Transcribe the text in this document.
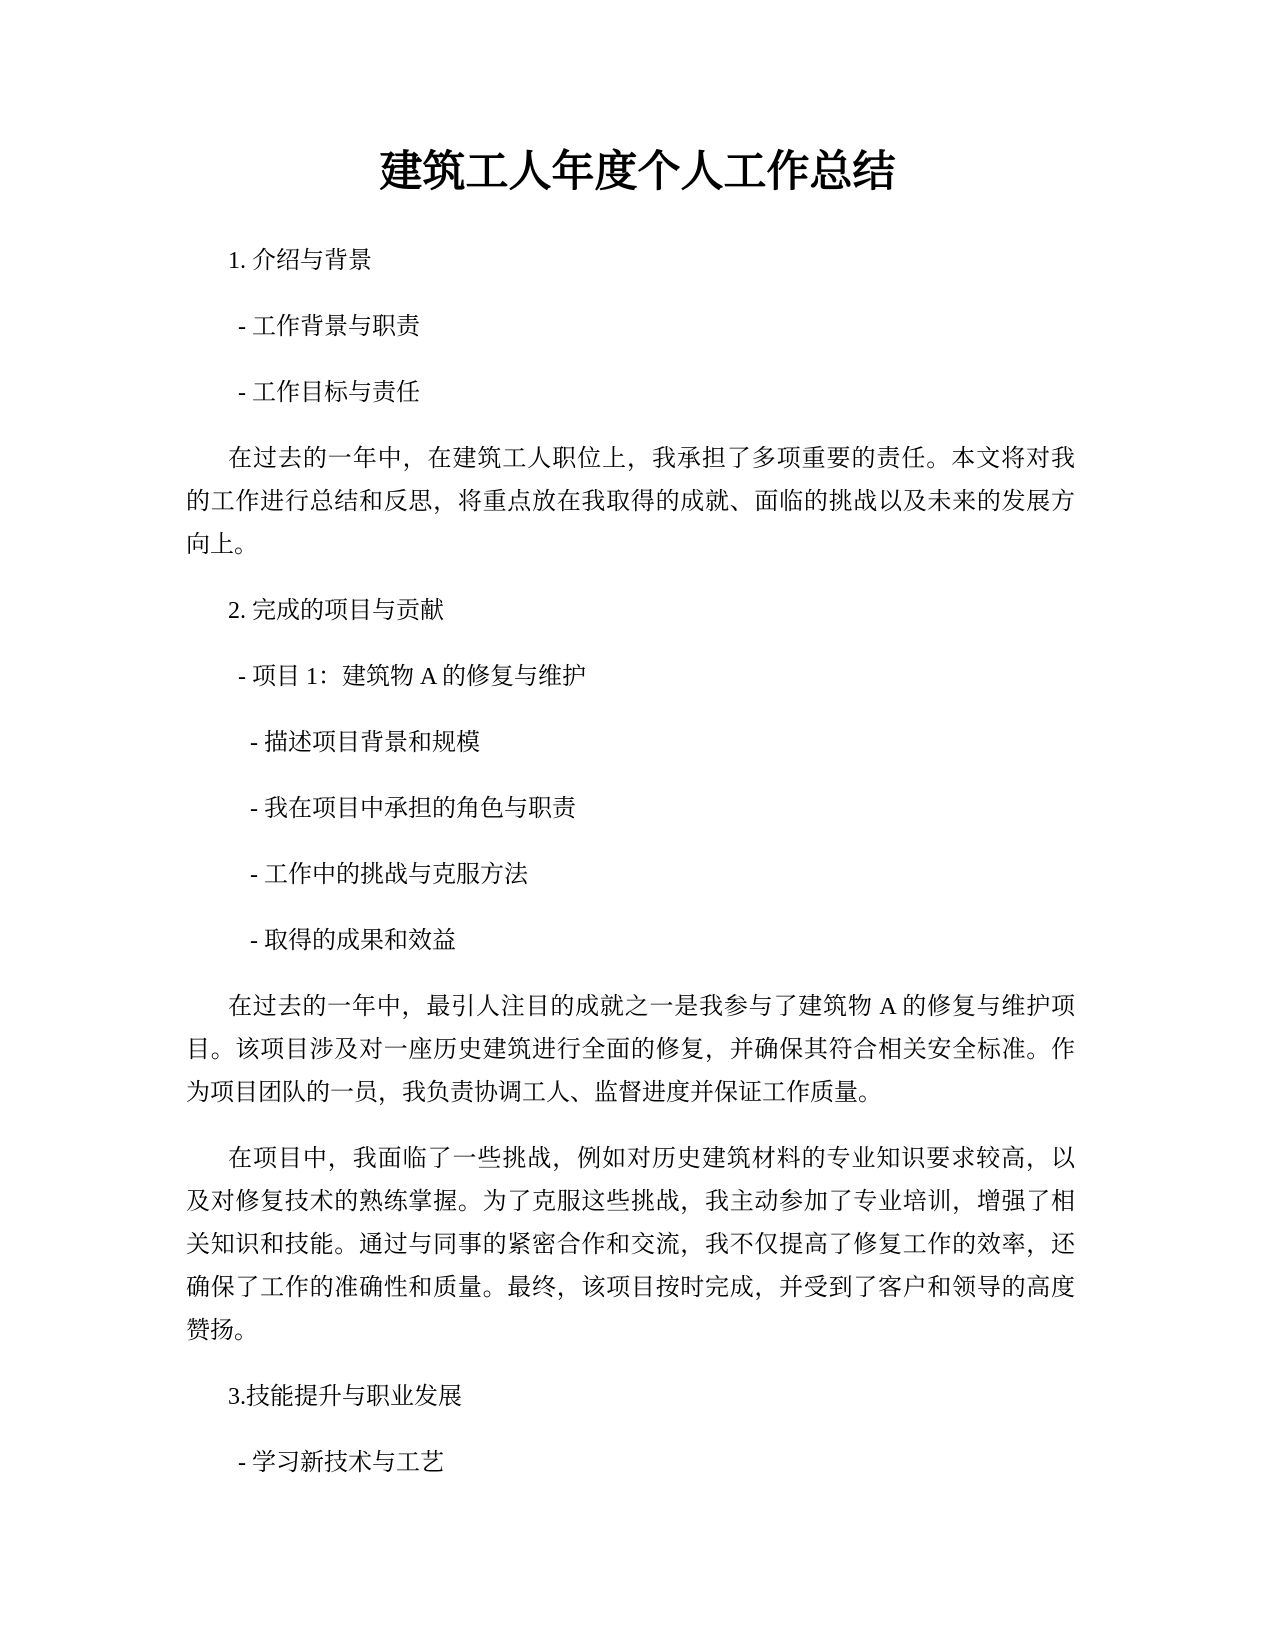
建筑工人年度个人工作总结
1. 介绍与背景
- 工作背景与职责
- 工作目标与责任
在过去的一年中，在建筑工人职位上，我承担了多项重要的责任。本文将对我
的工作进行总结和反思，将重点放在我取得的成就、面临的挑战以及未来的发展方
向上。
2. 完成的项目与贡献
- 项目 1：建筑物 A 的修复与维护
- 描述项目背景和规模
- 我在项目中承担的角色与职责
- 工作中的挑战与克服方法
- 取得的成果和效益
在过去的一年中，最引人注目的成就之一是我参与了建筑物 A 的修复与维护项
目。该项目涉及对一座历史建筑进行全面的修复，并确保其符合相关安全标准。作
为项目团队的一员，我负责协调工人、监督进度并保证工作质量。
在项目中，我面临了一些挑战，例如对历史建筑材料的专业知识要求较高，以
及对修复技术的熟练掌握。为了克服这些挑战，我主动参加了专业培训，增强了相
关知识和技能。通过与同事的紧密合作和交流，我不仅提高了修复工作的效率，还
确保了工作的准确性和质量。最终，该项目按时完成，并受到了客户和领导的高度
赞扬。
3.技能提升与职业发展
- 学习新技术与工艺
